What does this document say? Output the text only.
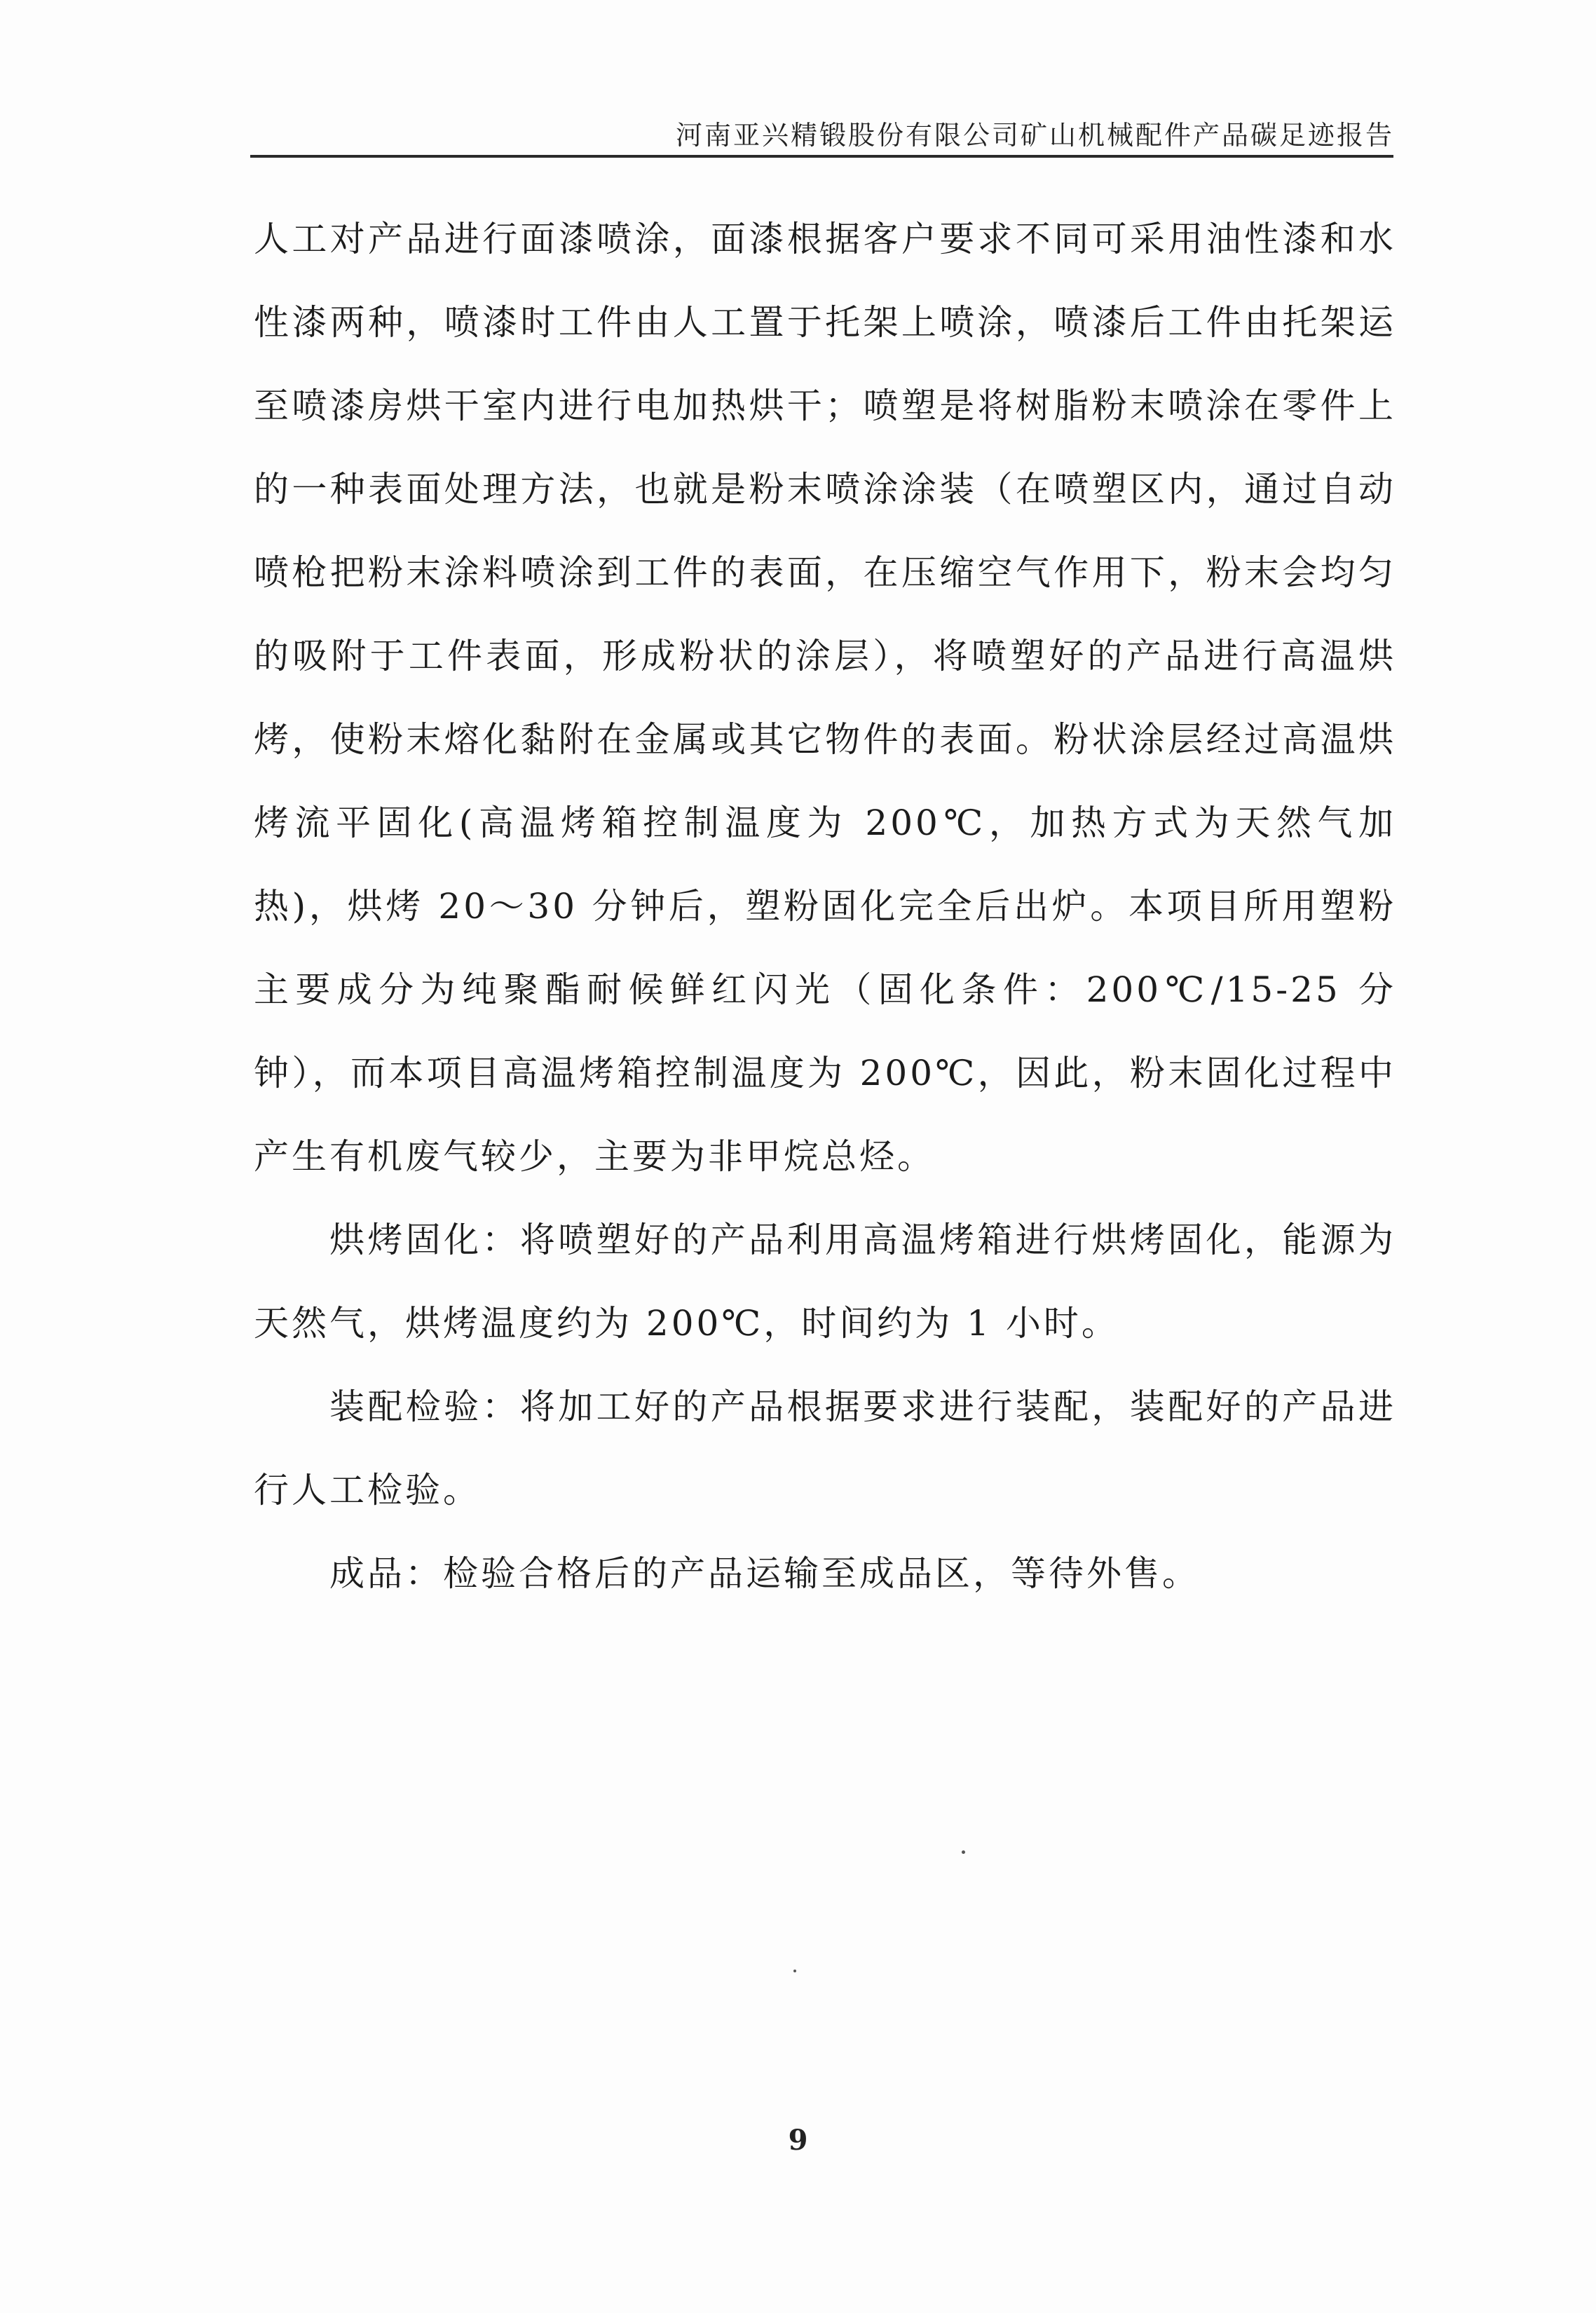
河南亚兴精锻股份有限公司矿山机械配件产品碳足迹报告

人工对产品进行面漆喷涂，面漆根据客户要求不同可采用油性漆和水性漆两种，喷漆时工件由人工置于托架上喷涂，喷漆后工件由托架运至喷漆房烘干室内进行电加热烘干；喷塑是将树脂粉末喷涂在零件上的一种表面处理方法，也就是粉末喷涂涂装（在喷塑区内，通过自动喷枪把粉末涂料喷涂到工件的表面，在压缩空气作用下，粉末会均匀的吸附于工件表面，形成粉状的涂层），将喷塑好的产品进行高温烘烤，使粉末熔化黏附在金属或其它物件的表面。粉状涂层经过高温烘烤流平固化(高温烤箱控制温度为 200℃，加热方式为天然气加热)，烘烤 20～30 分钟后，塑粉固化完全后出炉。本项目所用塑粉主要成分为纯聚酯耐候鲜红闪光（固化条件：200℃/15-25 分钟），而本项目高温烤箱控制温度为 200℃，因此，粉末固化过程中产生有机废气较少，主要为非甲烷总烃。

烘烤固化：将喷塑好的产品利用高温烤箱进行烘烤固化，能源为天然气，烘烤温度约为 200℃，时间约为 1 小时。

装配检验：将加工好的产品根据要求进行装配，装配好的产品进行人工检验。

成品：检验合格后的产品运输至成品区，等待外售。

9
